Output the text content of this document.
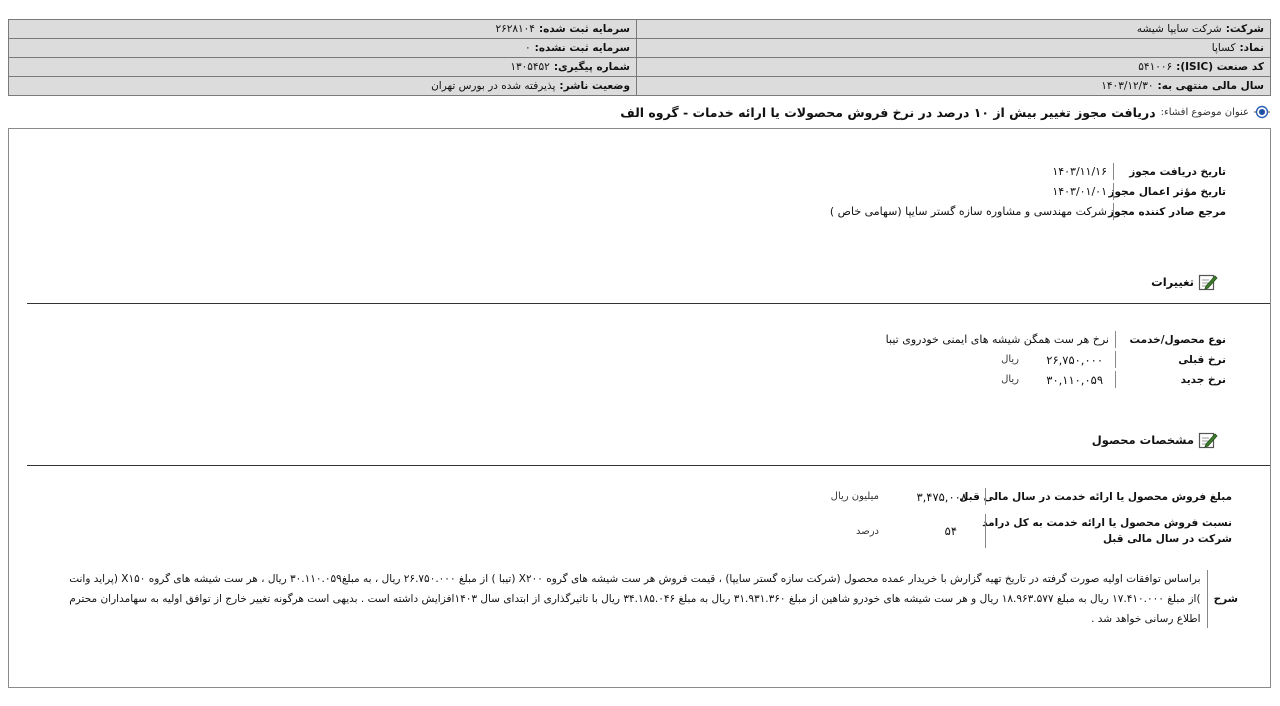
شرکت:شرکت سایپا شیشه	سرمایه ثبت شده:۲۶۲۸۱۰۴
نماد:کساپا	سرمایه ثبت نشده:۰
کد صنعت (ISIC):۵۴۱۰۰۶	شماره پیگیری:۱۳۰۵۴۵۲
سال مالی منتهی به:۱۴۰۳/۱۲/۳۰	وضعیت ناشر:پذیرفته شده در بورس تهران
عنوان موضوع افشاء:
دریافت مجوز تغییر بیش از ۱۰ درصد در نرخ فروش محصولات یا ارائه خدمات - گروه الف
تاریخ دریافت مجوز
۱۴۰۳/۱۱/۱۶
تاریخ مؤثر اعمال مجوز
۱۴۰۳/۰۱/۰۱
مرجع صادر کننده مجوز
شرکت مهندسی و مشاوره سازه گستر سایپا (سهامی خاص )
تغییرات
نوع محصول/خدمت
نرخ هر ست همگن شیشه های ایمنی خودروی تیبا
نرخ قبلی
۲۶,۷۵۰,۰۰۰
ریال
نرخ جدید
۳۰,۱۱۰,۰۵۹
ریال
مشخصات محصول
مبلغ فروش محصول یا ارائه خدمت در سال مالی قبل
۳,۴۷۵,۰۰۸
میلیون ریال
نسبت فروش محصول یا ارائه خدمت به کل درامد
شرکت در سال مالی قبل
۵۴
درصد
شرح
براساس توافقات اولیه صورت گرفته در تاریخ تهیه گزارش با خریدار عمده محصول (شرکت سازه گستر سایپا) ، قیمت فروش هر ست شیشه های گروه X۲۰۰ (تیبا ) از مبلغ ۲۶.۷۵۰.۰۰۰ ریال ، به مبلغ۳۰.۱۱۰.۰۵۹ ریال ، هر ست شیشه های گروه X۱۵۰ (پراید وانت )از مبلغ ۱۷.۴۱۰.۰۰۰ ریال به مبلغ ۱۸.۹۶۳.۵۷۷ ریال و هر ست شیشه های خودرو شاهین از مبلغ ۳۱.۹۳۱.۳۶۰ ریال به مبلغ ۳۴.۱۸۵.۰۴۶ ریال با تاثیرگذاری از ابتدای سال ۱۴۰۳افزایش داشته است . بدیهی است هرگونه تغییر خارج از توافق اولیه به سهامداران محترم اطلاع رسانی خواهد شد .
